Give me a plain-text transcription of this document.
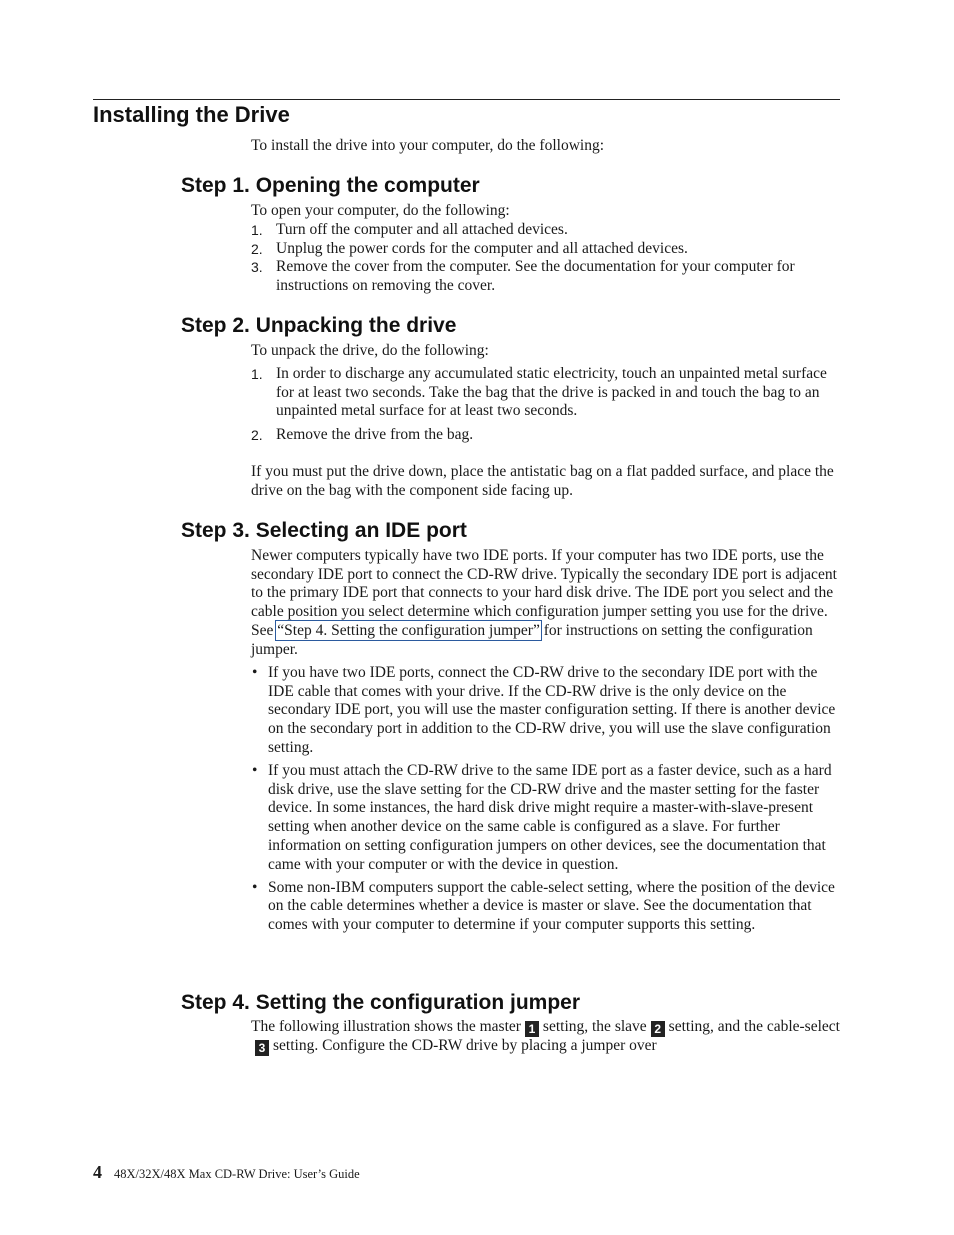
Installing the Drive

To install the drive into your computer, do the following:

Step 1. Opening the computer

To open your computer, do the following:

1. Turn off the computer and all attached devices.
2. Unplug the power cords for the computer and all attached devices.
3. Remove the cover from the computer. See the documentation for your computer for instructions on removing the cover.
Step 2. Unpacking the drive

To unpack the drive, do the following:

1. In order to discharge any accumulated static electricity, touch an unpainted metal surface for at least two seconds. Take the bag that the drive is packed in and touch the bag to an unpainted metal surface for at least two seconds.
2. Remove the drive from the bag.

If you must put the drive down, place the antistatic bag on a flat padded surface, and place the drive on the bag with the component side facing up.

Step 3. Selecting an IDE port

Newer computers typically have two IDE ports. If your computer has two IDE ports, use the secondary IDE port to connect the CD-RW drive. Typically the secondary IDE port is adjacent to the primary IDE port that connects to your hard disk drive. The IDE port you select and the cable position you select determine which configuration jumper setting you use for the drive. See “Step 4. Setting the configuration jumper” for instructions on setting the configuration jumper.

• If you have two IDE ports, connect the CD-RW drive to the secondary IDE port with the IDE cable that comes with your drive. If the CD-RW drive is the only device on the secondary IDE port, you will use the master configuration setting. If there is another device on the secondary port in addition to the CD-RW drive, you will use the slave configuration setting.
• If you must attach the CD-RW drive to the same IDE port as a faster device, such as a hard disk drive, use the slave setting for the CD-RW drive and the master setting for the faster device. In some instances, the hard disk drive might require a master-with-slave-present setting when another device on the same cable is configured as a slave. For further information on setting configuration jumpers on other devices, see the documentation that came with your computer or with the device in question.
• Some non-IBM computers support the cable-select setting, where the position of the device on the cable determines whether a device is master or slave. See the documentation that comes with your computer to determine if your computer supports this setting.
Step 4. Setting the configuration jumper

The following illustration shows the master 1 setting, the slave 2 setting, and the cable-select3 setting. Configure the CD-RW drive by placing a jumper over

4 48X/32X/48X Max CD-RW Drive: User’s Guide
